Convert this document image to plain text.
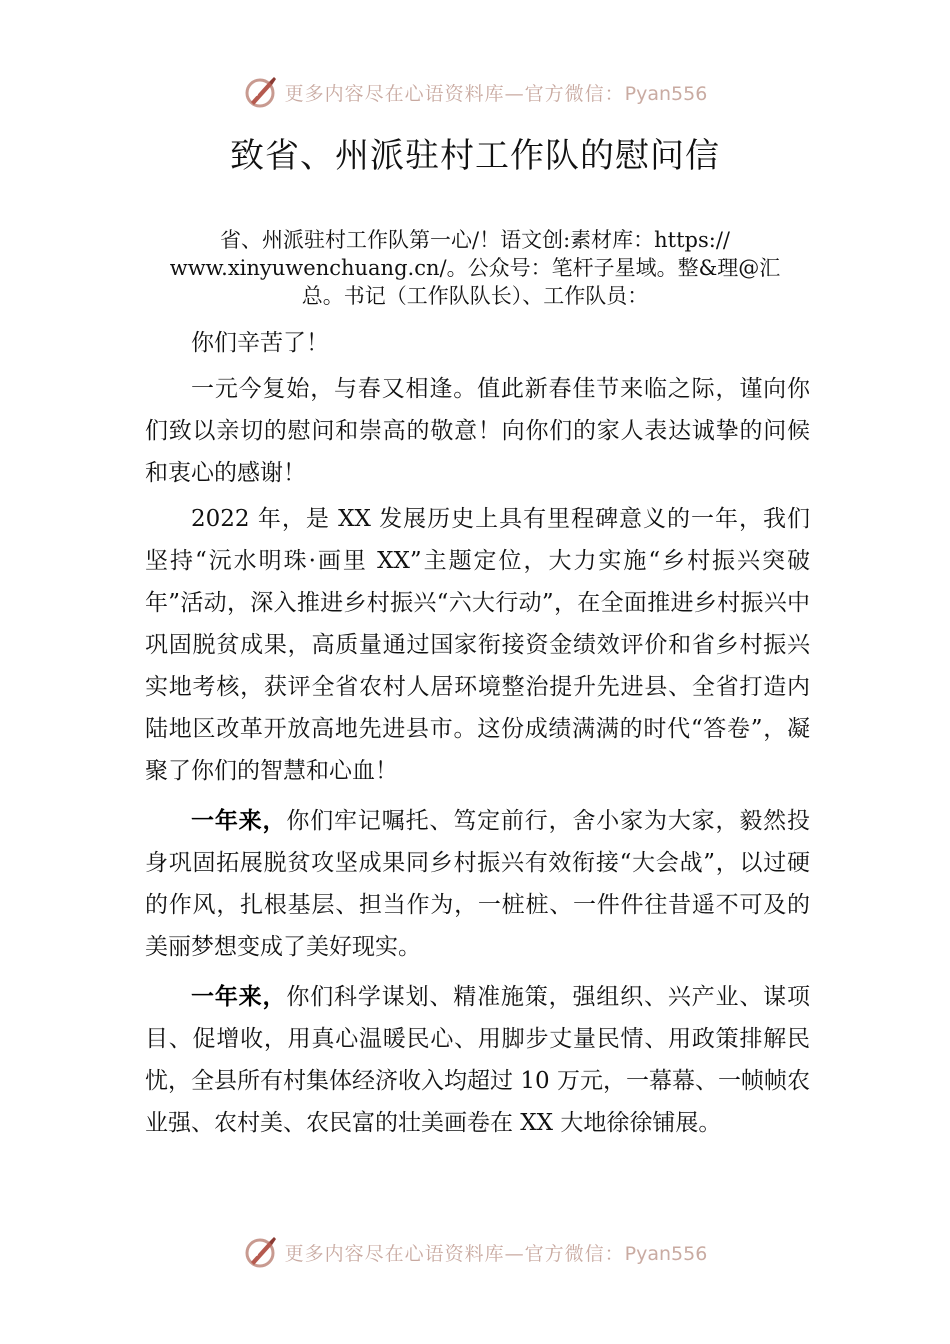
更多内容尽在心语资料库—官方微信：Pyan556
致省、州派驻村工作队的慰问信
省、州派驻村工作队第一心/！语文创:素材库：https://
www.xinyuwenchuang.cn/。公众号：笔杆子星域。整&理@汇
总。书记（工作队队长）、工作队员：

你们辛苦了！

一元今复始，与春又相逢。值此新春佳节来临之际，谨向你们致以亲切的慰问和崇高的敬意！向你们的家人表达诚挚的问候和衷心的感谢！

2022 年，是 XX 发展历史上具有里程碑意义的一年，我们坚持“沅水明珠·画里 XX”主题定位，大力实施“乡村振兴突破年”活动，深入推进乡村振兴“六大行动”，在全面推进乡村振兴中巩固脱贫成果，高质量通过国家衔接资金绩效评价和省乡村振兴实地考核，获评全省农村人居环境整治提升先进县、全省打造内陆地区改革开放高地先进县市。这份成绩满满的时代“答卷”，凝聚了你们的智慧和心血！

一年来，你们牢记嘱托、笃定前行，舍小家为大家，毅然投身巩固拓展脱贫攻坚成果同乡村振兴有效衔接“大会战”，以过硬的作风，扎根基层、担当作为，一桩桩、一件件往昔遥不可及的美丽梦想变成了美好现实。

一年来，你们科学谋划、精准施策，强组织、兴产业、谋项目、促增收，用真心温暖民心、用脚步丈量民情、用政策排解民忧，全县所有村集体经济收入均超过 10 万元，一幕幕、一帧帧农业强、农村美、农民富的壮美画卷在 XX 大地徐徐铺展。

更多内容尽在心语资料库—官方微信：Pyan556
